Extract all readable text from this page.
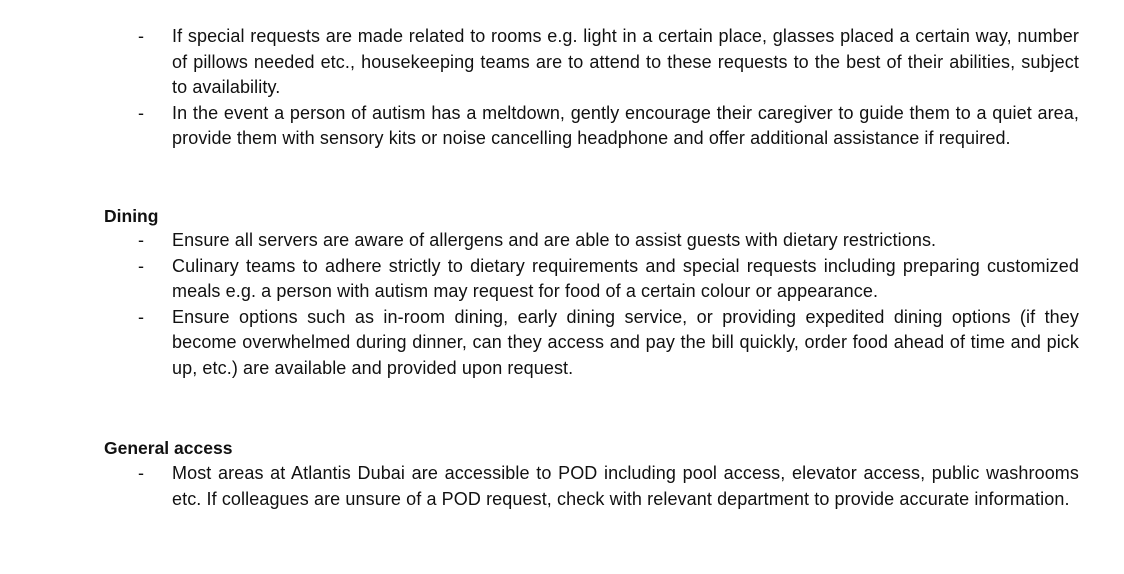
- If special requests are made related to rooms e.g. light in a certain place, glasses placed a certain way, number of pillows needed etc., housekeeping teams are to attend to these requests to the best of their abilities, subject to availability.
- In the event a person of autism has a meltdown, gently encourage their caregiver to guide them to a quiet area, provide them with sensory kits or noise cancelling headphone and offer additional assistance if required.
Dining
- Ensure all servers are aware of allergens and are able to assist guests with dietary restrictions.
- Culinary teams to adhere strictly to dietary requirements and special requests including preparing customized meals e.g. a person with autism may request for food of a certain colour or appearance.
- Ensure options such as in-room dining, early dining service, or providing expedited dining options (if they become overwhelmed during dinner, can they access and pay the bill quickly, order food ahead of time and pick up, etc.) are available and provided upon request.
General access
- Most areas at Atlantis Dubai are accessible to POD including pool access, elevator access, public washrooms etc. If colleagues are unsure of a POD request, check with relevant department to provide accurate information.
